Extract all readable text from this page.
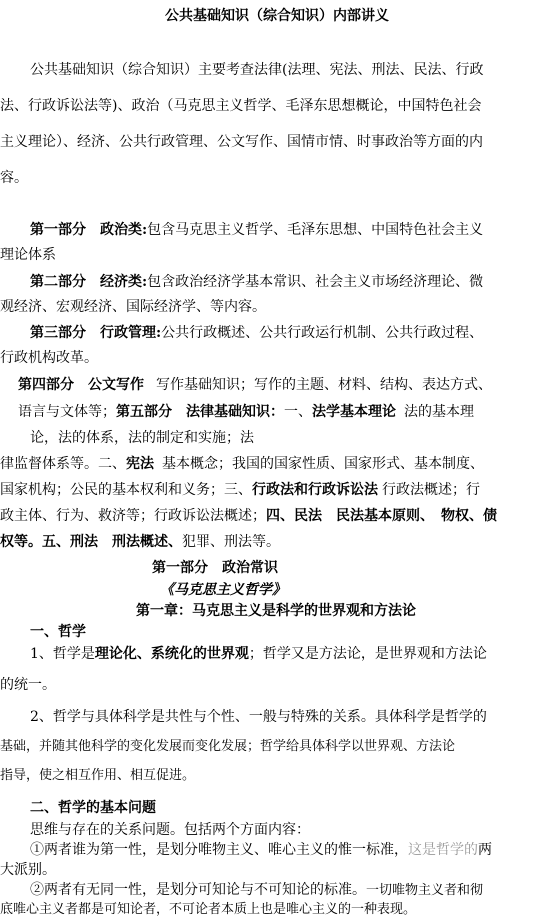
公共基础知识（综合知识）内部讲义
公共基础知识（综合知识）主要考查法律(法理、宪法、刑法、民法、行政
法、行政诉讼法等)、政治（马克思主义哲学、毛泽东思想概论，中国特色社会
主义理论）、经济、公共行政管理、公文写作、国情市情、时事政治等方面的内
容。
第一部分　政治类:包含马克思主义哲学、毛泽东思想、中国特色社会主义
理论体系
第二部分　经济类:包含政治经济学基本常识、社会主义市场经济理论、微
观经济、宏观经济、国际经济学、等内容。
第三部分　行政管理:公共行政概述、公共行政运行机制、公共行政过程、
行政机构改革。
第四部分　公文写作 写作基础知识；写作的主题、材料、结构、表达方式、
语言与文体等；第五部分　法律基础知识：一、法学基本理论 法的基本理
论，法的体系，法的制定和实施；法
律监督体系等。二、宪法 基本概念；我国的国家性质、国家形式、基本制度、
国家机构；公民的基本权利和义务；三、行政法和行政诉讼法 行政法概述；行
政主体、行为、救济等；行政诉讼法概述；四、民法　民法基本原则、　物权、债
权等。五、刑法　刑法概述、犯罪、刑法等。
第一部分　政治常识
《马克思主义哲学》
第一章：马克思主义是科学的世界观和方法论
一、哲学
1、哲学是理论化、系统化的世界观；哲学又是方法论，是世界观和方法论
的统一。
2、哲学与具体科学是共性与个性、一般与特殊的关系。具体科学是哲学的
基础，并随其他科学的变化发展而变化发展；哲学给具体科学以世界观、方法论
指导，使之相互作用、相互促进。
二、哲学的基本问题
思维与存在的关系问题。包括两个方面内容：
①两者谁为第一性，是划分唯物主义、唯心主义的惟一标准，这是哲学的两
大派别。
②两者有无同一性，是划分可知论与不可知论的标准。一切唯物主义者和彻
底唯心主义者都是可知论者，不可论者本质上也是唯心主义的一种表现。
